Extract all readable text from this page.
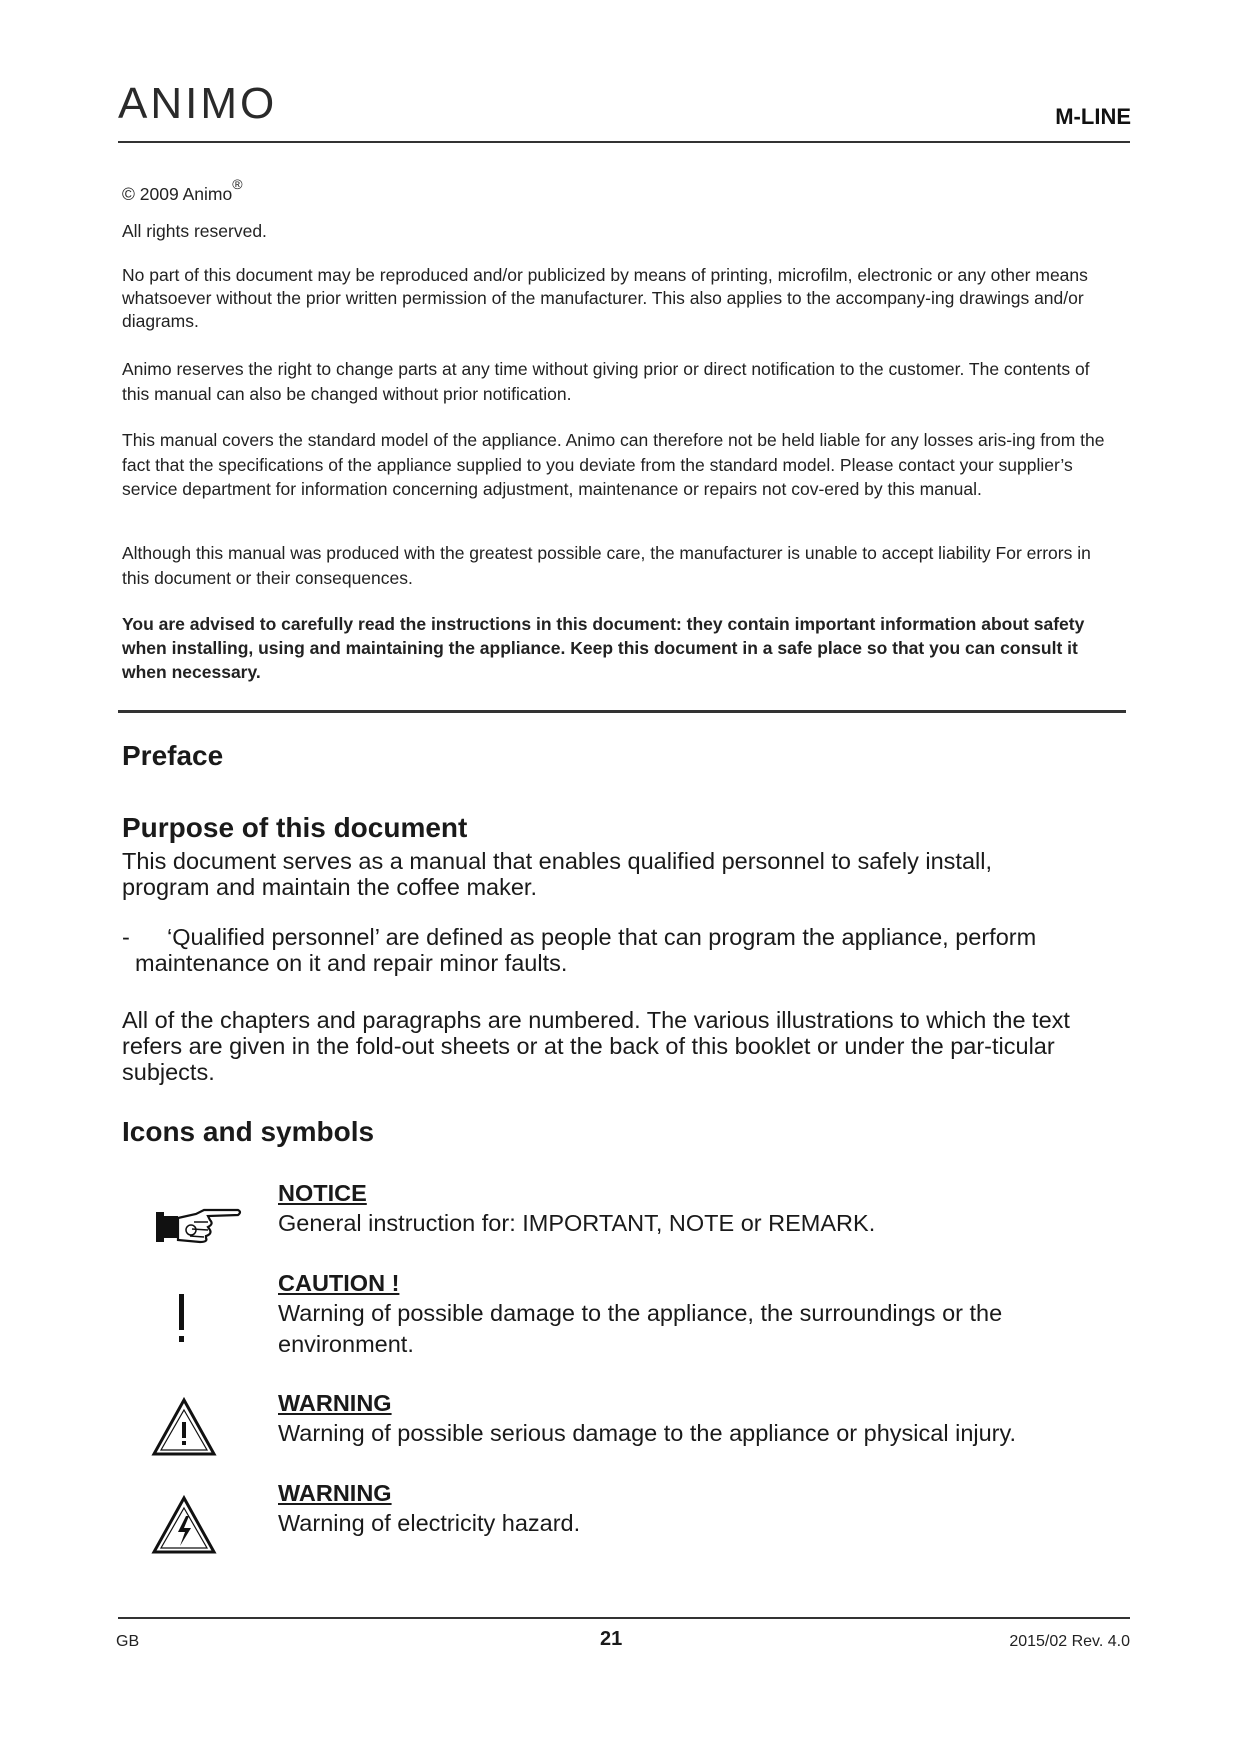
ANIMO	M-LINE

© 2009 Animo®

All rights reserved.

No part of this document may be reproduced and/or publicized by means of printing, microfilm, electronic or any other means whatsoever without the prior written permission of the manufacturer. This also applies to the accompany-ing drawings and/or diagrams.

Animo reserves the right to change parts at any time without giving prior or direct notification to the customer. The contents of this manual can also be changed without prior notification.

This manual covers the standard model of the appliance. Animo can therefore not be held liable for any losses aris-ing from the fact that the specifications of the appliance supplied to you deviate from the standard model. Please contact your supplier’s service department for information concerning adjustment, maintenance or repairs not cov-ered by this manual.

Although this manual was produced with the greatest possible care, the manufacturer is unable to accept liability For errors in this document or their consequences.

You are advised to carefully read the instructions in this document: they contain important information about safety when installing, using and maintaining the appliance. Keep this document in a safe place so that you can consult it when necessary.

Preface
Purpose of this document

This document serves as a manual that enables qualified personnel to safely install, program and maintain the coffee maker.

-	‘Qualified personnel’ are defined as people that can program the appliance, perform maintenance on it and repair minor faults.

All of the chapters and paragraphs are numbered. The various illustrations to which the text refers are given in the fold-out sheets or at the back of this booklet or under the par-ticular subjects.

Icons and symbols

NOTICE

General instruction for: IMPORTANT, NOTE or REMARK.

CAUTION !

Warning of possible damage to the appliance, the surroundings or the environment.

WARNING

Warning of possible serious damage to the appliance or physical injury.

WARNING

Warning of electricity hazard.

GB	21	2015/02 Rev. 4.0
